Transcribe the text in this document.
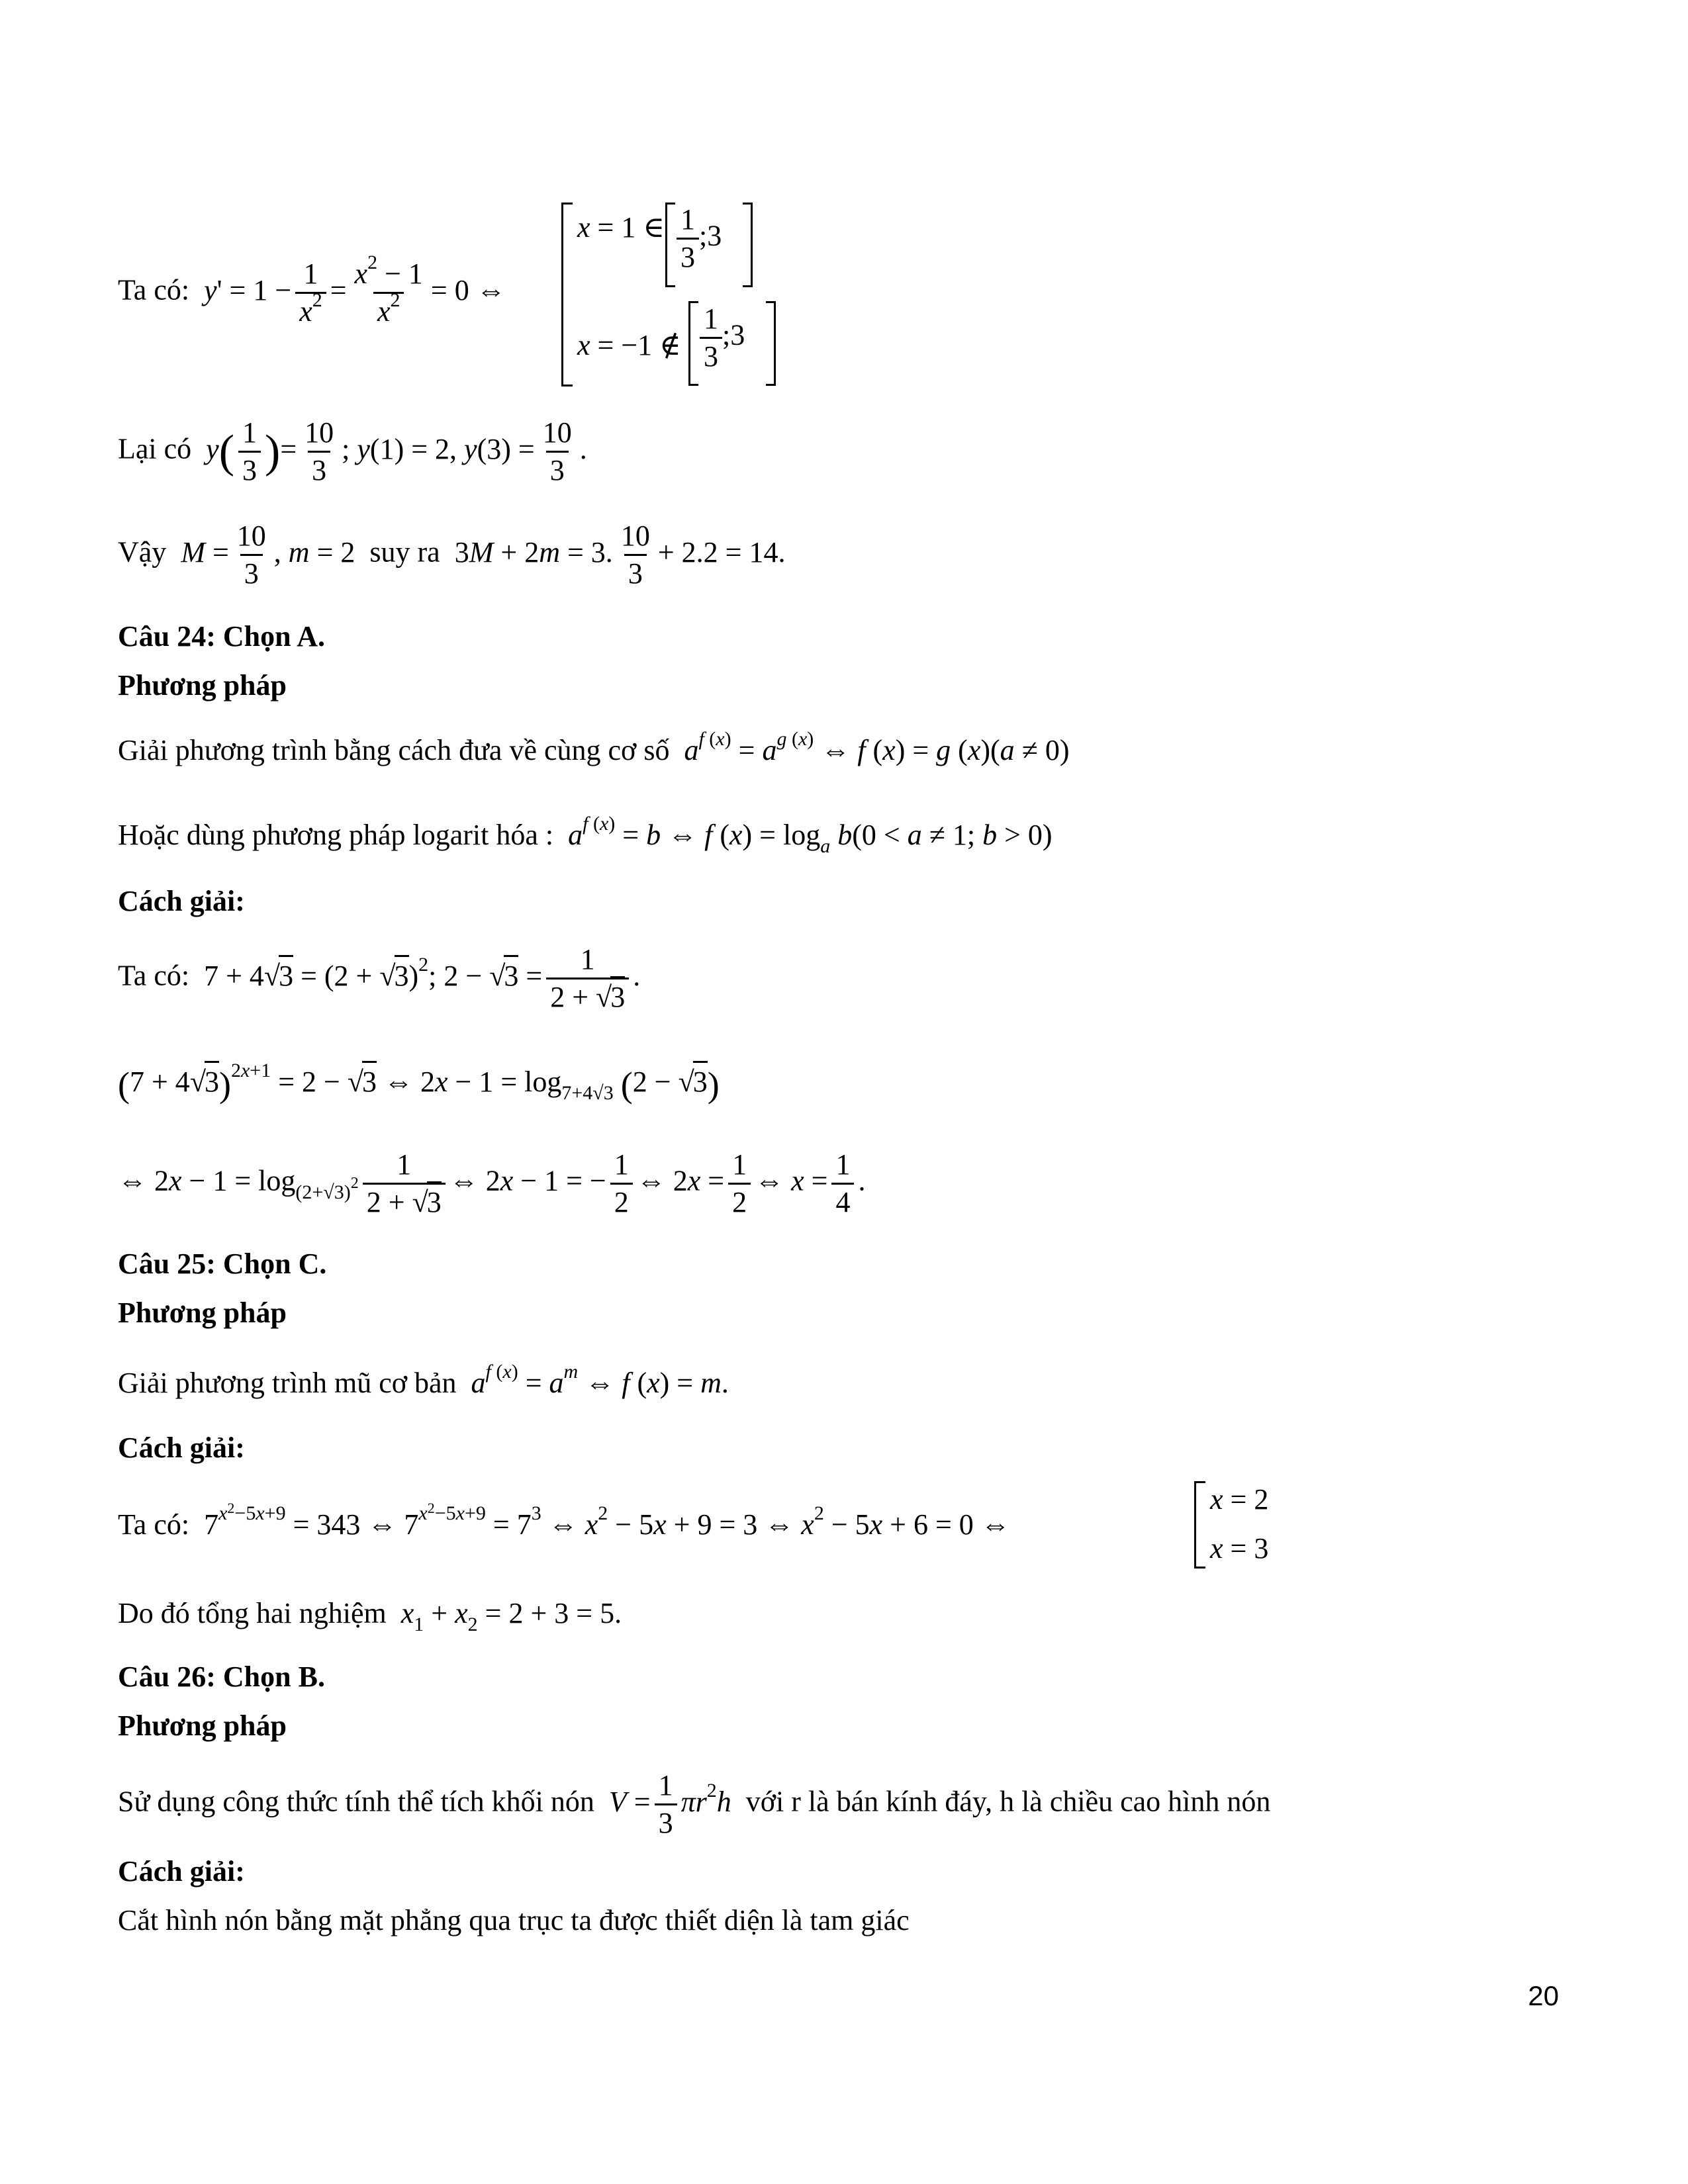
Ta có: $y' = 1 - \frac{1}{x^2} = \frac{x^2 - 1}{x^2} = 0$ ⇔
x = 1 ∈ $\frac{1}{3}$ ;3
x = −1 ∉ $\frac{1}{3}$ ;3
Lại có $y( \frac{1}{3}$ )= $\frac{10}{3}$ ; y(1) = 2, $y(3) = \frac{10}{3}$ .
Vậy $M = \frac{10}{3}$ , m = 2  suy ra  3M + 2m = 3. $\frac{10}{3} + 2.2 = 14$.
Câu 24: Chọn A.
Phương pháp
Giải phương trình bằng cách đưa về cùng cơ số $a^{f (x)} = a^{g (x)}$ ⇔ f (x) = g (x)(a ≠ 0)
Hoặc dùng phương pháp logarit hóa : $a^{f (x)} = b$ ⇔ f $(x) = \log_a b(0 < a \ne 1$; b > 0)
Cách giải:
Ta có:  $7 + 4√3 = (2 + √3)^2$; $2 - √3 = \frac{1}{2 + √3}$ .
$(7 + 4√3)^{2x+1} = 2 - √3$ ⇔ $2x - 1 = \log_{7+4√3} (2 - √3)$
⇔ $2x - 1 = \log_{(2+√3)^2} \frac{1}{2 + √3}$ ⇔ 2x − 1 = − $\frac{1}{2}$ ⇔ $2x = \frac{1}{2}$ ⇔ $x = \frac{1}{4}$ .
Câu 25: Chọn C.
Phương pháp
Giải phương trình mũ cơ bản $a^{f (x)} = a^m$ ⇔ f (x) = m.
Cách giải:
Ta có:  $7^{x^2-5x+9} = 343$ ⇔ $7^{x^2-5x+9} = 7^3$ ⇔ $x^2 - 5x + 9 = 3$ ⇔ $x^2 - 5x + 6 = 0$ ⇔
x = 2
x = 3
Do đó tổng hai nghiệm $x_1 + x_2 = 2 + 3 = 5$.
Câu 26: Chọn B.
Phương pháp
Sử dụng công thức tính thể tích khối nón $V = \frac{1}{3} \pi r^2h$ với r là bán kính đáy, h là chiều cao hình nón
Cách giải:
Cắt hình nón bằng mặt phẳng qua trục ta được thiết diện là tam giác
20
